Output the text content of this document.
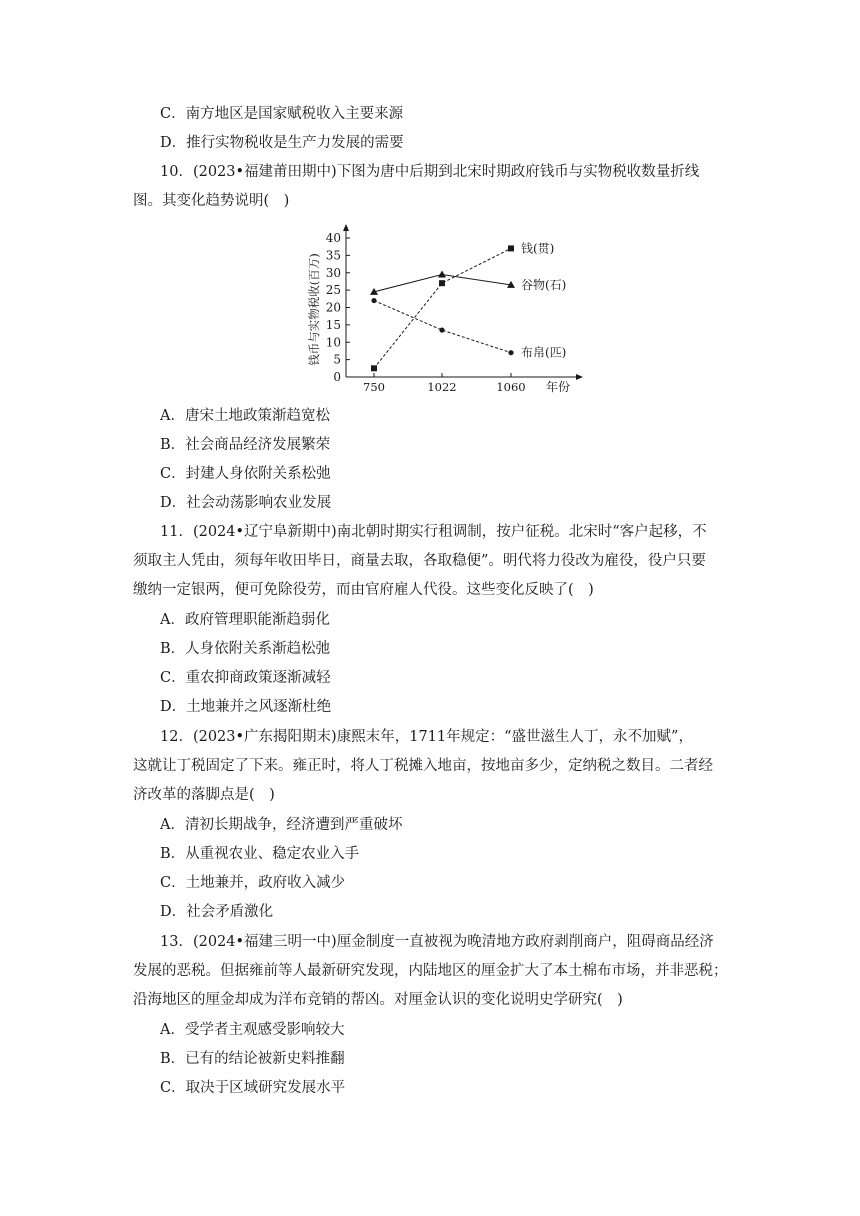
C．南方地区是国家赋税收入主要来源
D．推行实物税收是生产力发展的需要
10．(2023•福建莆田期中)下图为唐中后期到北宋时期政府钱币与实物税收数量折线
图。其变化趋势说明(　)
0
5
10
15
20
25
30
35
40
750	1022	1060 年份
钱币与实物税收(百万)
钱(贯)
谷物(石)
布帛(匹)
A．唐宋土地政策渐趋宽松
B．社会商品经济发展繁荣
C．封建人身依附关系松弛
D．社会动荡影响农业发展
11．(2024•辽宁阜新期中)南北朝时期实行租调制，按户征税。北宋时“客户起移，不
须取主人凭由，须每年收田毕日，商量去取，各取稳便”。明代将力役改为雇役，役户只要
缴纳一定银两，便可免除役劳，而由官府雇人代役。这些变化反映了(　)
A．政府管理职能渐趋弱化
B．人身依附关系渐趋松弛
C．重农抑商政策逐渐减轻
D．土地兼并之风逐渐杜绝
12．(2023•广东揭阳期末)康熙末年，1711年规定：“盛世滋生人丁，永不加赋”，
这就让丁税固定了下来。雍正时，将人丁税摊入地亩，按地亩多少，定纳税之数目。二者经
济改革的落脚点是(　)
A．清初长期战争，经济遭到严重破坏
B．从重视农业、稳定农业入手
C．土地兼并，政府收入减少
D．社会矛盾激化
13．(2024•福建三明一中)厘金制度一直被视为晚清地方政府剥削商户，阻碍商品经济
发展的恶税。但据雍前等人最新研究发现，内陆地区的厘金扩大了本土棉布市场，并非恶税；
沿海地区的厘金却成为洋布竞销的帮凶。对厘金认识的变化说明史学研究(　)
A．受学者主观感受影响较大
B．已有的结论被新史料推翻
C．取决于区域研究发展水平
